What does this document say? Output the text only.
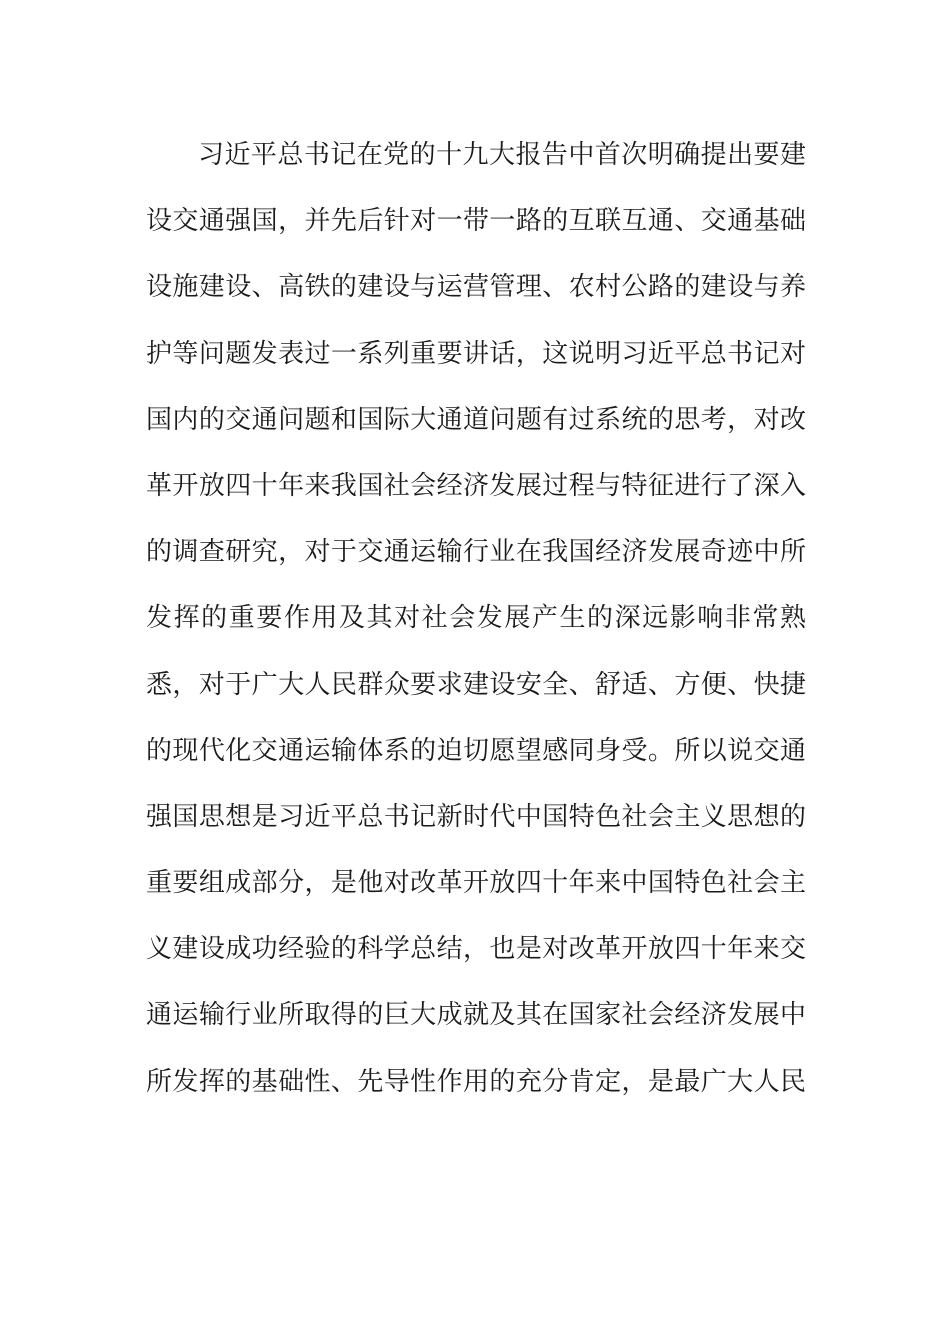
习近平总书记在党的十九大报告中首次明确提出要建
设交通强国，并先后针对一带一路的互联互通、交通基础
设施建设、高铁的建设与运营管理、农村公路的建设与养
护等问题发表过一系列重要讲话，这说明习近平总书记对
国内的交通问题和国际大通道问题有过系统的思考，对改
革开放四十年来我国社会经济发展过程与特征进行了深入
的调查研究，对于交通运输行业在我国经济发展奇迹中所
发挥的重要作用及其对社会发展产生的深远影响非常熟
悉，对于广大人民群众要求建设安全、舒适、方便、快捷
的现代化交通运输体系的迫切愿望感同身受。所以说交通
强国思想是习近平总书记新时代中国特色社会主义思想的
重要组成部分，是他对改革开放四十年来中国特色社会主
义建设成功经验的科学总结，也是对改革开放四十年来交
通运输行业所取得的巨大成就及其在国家社会经济发展中
所发挥的基础性、先导性作用的充分肯定，是最广大人民
